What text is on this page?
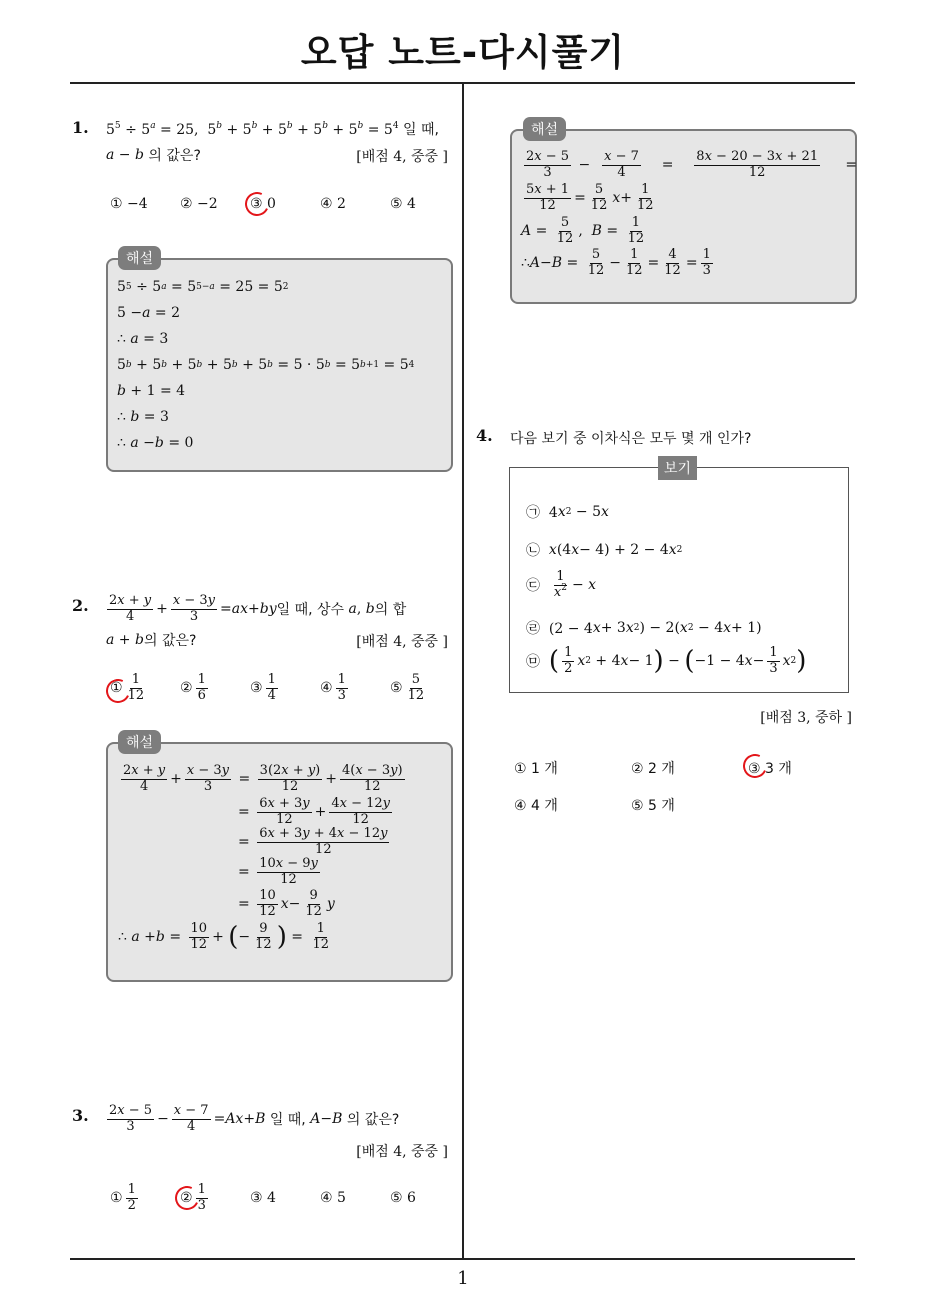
오답 노트-다시풀기
1
1. $5^5 \div 5^a = 25$,  $5^b + 5^b + 5^b + 5^b + 5^b = 5^4$ 일 때,
a − b
의 값은?	[배점 4, 중중 ]
① −4	② −2	③ 0	④ 2	⑤ 4
해설
5 5 ÷ 5 a = 5 5−a = 25 = 5 2
5 − a = 2
∴ a = 3
5 b + 5 b + 5 b + 5 b + 5 b = 5 · 5 b = 5 b+1 = 5 4
b + 1 = 4
∴ b = 3
∴ a − b = 0
2. $\frac{2x + y}{4} + \frac{x - 3y}{3}$ = ax + by 일 때, 상수
a , b 의 합
a + b 의 값은?	[배점 4, 중중 ]
① $\frac{1}{12}$ ② $\frac{1}{6}$	③ $\frac{1}{4}$	④ $\frac{1}{3}$	⑤ $\frac{5}{12}$
해설
$\frac{2x + y}{4} + \frac{x - 3y}{3} = \frac{3(2x + y)}{12} + \frac{4(x - 3y)}{12}$
= $\frac{6x + 3y}{12} + \frac{4x - 12y}{12}$
= $\frac{6x + 3y + 4x - 12y}{12}$
= $\frac{10x - 9y}{12}$
= $\frac{10}{12}$ $x - \frac{9}{12}$ y
∴ $a + b = \frac{10}{12}$ + ( − $\frac{9}{12}$ ) = $\frac{1}{12}$
3. $\frac{2x - 5}{3} - \frac{x - 7}{4} = Ax + B$
일 때,
A − B
의 값은?
[배점 4, 중중 ]
① $\frac{1}{2}$	② $\frac{1}{3}$	③ 4	④ 5	⑤ 6
해설
$\frac{2x - 5}{3} - \frac{x - 7}{4} = \frac{8x - 20 - 3x + 21}{12}$ =
$\frac{5x + 1}{12} = \frac{5}{12}$ $x + \frac{1}{12}$
$A = \frac{5}{12}$ , $B = \frac{1}{12}$
∴ $A - B = \frac{5}{12} - \frac{1}{12} = \frac{4}{12} = \frac{1}{3}$
4. 다음 보기 중 이차식은 모두 몇 개 인가?
보기
㉠  4 x 2 − 5 x
㉡ x (4 x − 4) + 2 − 4 x 2
㉢ $\frac{1}{x^2} - x$
㉣  (2 − 4 x + 3 x 2 ) − 2( x 2 − 4 x + 1)
㉤ ( $\frac{1}{2}$ x 2 + 4 x − 1 ) − ( −1 − 4 $x - \frac{1}{3}$ x 2 )
[배점 3, 중하 ]
① 1 개	② 2 개	③ 3 개
④ 4 개	⑤ 5 개
